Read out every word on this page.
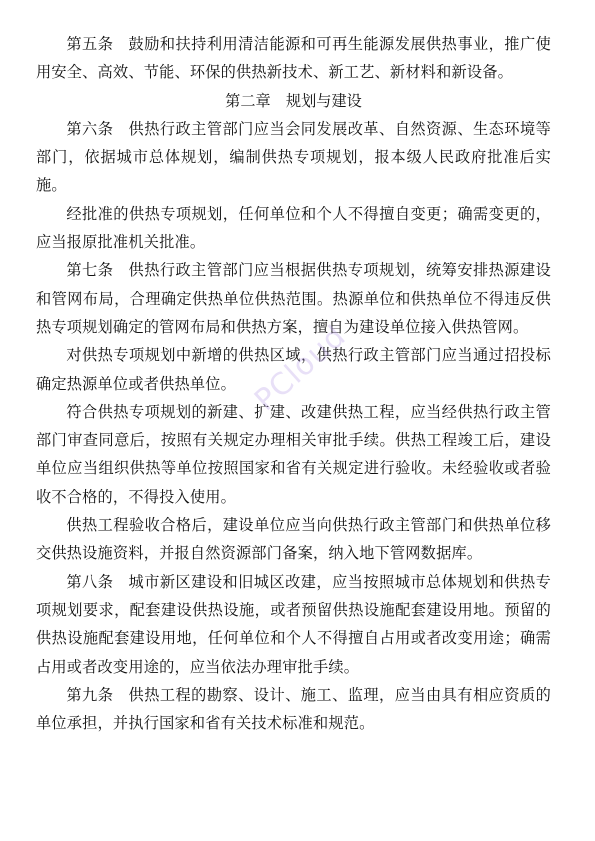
第五条 鼓励和扶持利用清洁能源和可再生能源发展供热事业，推广使用安全、高效、节能、环保的供热新技术、新工艺、新材料和新设备。

第二章 规划与建设

第六条 供热行政主管部门应当会同发展改革、自然资源、生态环境等部门，依据城市总体规划，编制供热专项规划，报本级人民政府批准后实施。

经批准的供热专项规划，任何单位和个人不得擅自变更；确需变更的，应当报原批准机关批准。

第七条 供热行政主管部门应当根据供热专项规划，统筹安排热源建设和管网布局，合理确定供热单位供热范围。热源单位和供热单位不得违反供热专项规划确定的管网布局和供热方案，擅自为建设单位接入供热管网。

对供热专项规划中新增的供热区域，供热行政主管部门应当通过招投标确定热源单位或者供热单位。

符合供热专项规划的新建、扩建、改建供热工程，应当经供热行政主管部门审查同意后，按照有关规定办理相关审批手续。供热工程竣工后，建设单位应当组织供热等单位按照国家和省有关规定进行验收。未经验收或者验收不合格的，不得投入使用。

供热工程验收合格后，建设单位应当向供热行政主管部门和供热单位移交供热设施资料，并报自然资源部门备案，纳入地下管网数据库。

第八条 城市新区建设和旧城区改建，应当按照城市总体规划和供热专项规划要求，配套建设供热设施，或者预留供热设施配套建设用地。预留的供热设施配套建设用地，任何单位和个人不得擅自占用或者改变用途；确需占用或者改变用途的，应当依法办理审批手续。

第九条 供热工程的勘察、设计、施工、监理，应当由具有相应资质的单位承担，并执行国家和省有关技术标准和规范。

PCloud
